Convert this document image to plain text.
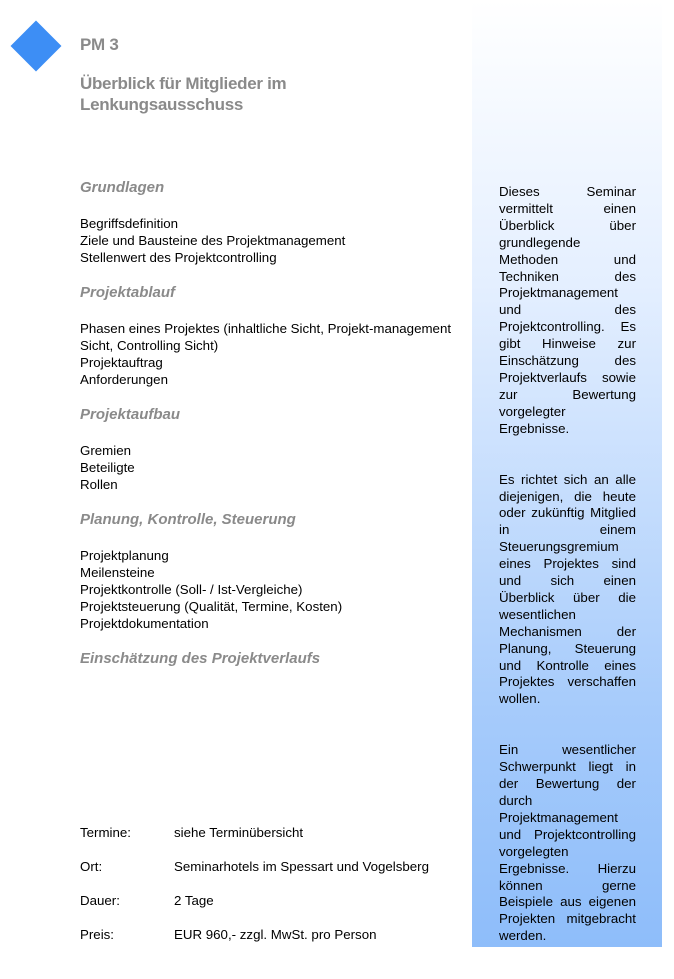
PM 3
Überblick für Mitglieder im Lenkungsausschuss

Dieses Seminar vermittelt einen Überblick über grundlegende Methoden und Techniken des Projektmanagement und des Projektcontrolling. Es gibt Hinweise zur Einschätzung des Projektverlaufs sowie zur Bewertung vorgelegter Ergebnisse.

Es richtet sich an alle diejenigen, die heute oder zukünftig Mitglied in einem Steuerungsgremium eines Projektes sind und sich einen Überblick über die wesentlichen Mechanismen der Planung, Steuerung und Kontrolle eines Projektes verschaffen wollen.

Ein wesentlicher Schwerpunkt liegt in der Bewertung der durch Projektmanagement und Projektcontrolling vorgelegten Ergebnisse. Hierzu können gerne Beispiele aus eigenen Projekten mitgebracht werden.

Grundlagen
Begriffsdefinition
Ziele und Bausteine des Projektmanagement
Stellenwert des Projektcontrolling
Projektablauf
Phasen eines Projektes (inhaltliche Sicht, Projekt-management Sicht, Controlling Sicht)
Projektauftrag
Anforderungen
Projektaufbau
Gremien
Beteiligte
Rollen
Planung, Kontrolle, Steuerung
Projektplanung
Meilensteine
Projektkontrolle (Soll- / Ist-Vergleiche)
Projektsteuerung (Qualität, Termine, Kosten)
Projektdokumentation
Einschätzung des Projektverlaufs
Termine:	siehe Terminübersicht
Ort:	Seminarhotels im Spessart und Vogelsberg
Dauer:	2 Tage
Preis:	EUR 960,- zzgl. MwSt. pro Person
